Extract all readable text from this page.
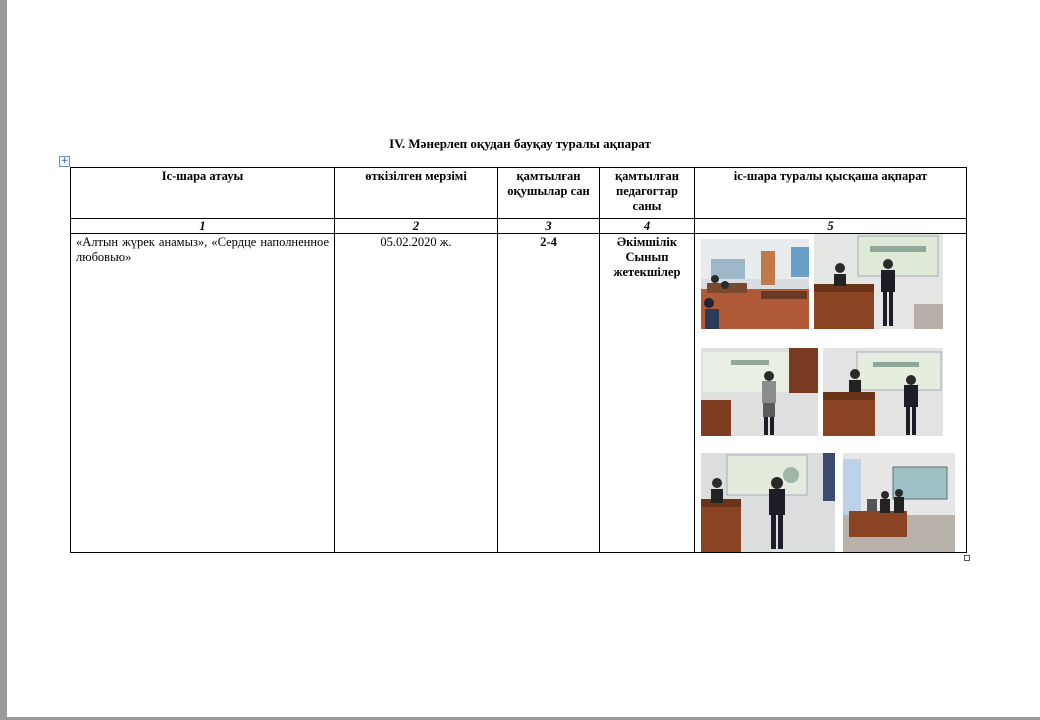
IV. Мәнерлеп оқудан бауқау туралы ақпарат
+
Іс-шара атауы	өткізілген мерзімі	қамтылған оқушылар сан	қамтылған педагогтар саны	іс-шара туралы қысқаша ақпарат
1	2	3	4	5
«Алтын жүрек анамыз», «Сердце наполненное любовью»	05.02.2020 ж.	2-4	Әкімшілік
Сынып
жетекшілер
